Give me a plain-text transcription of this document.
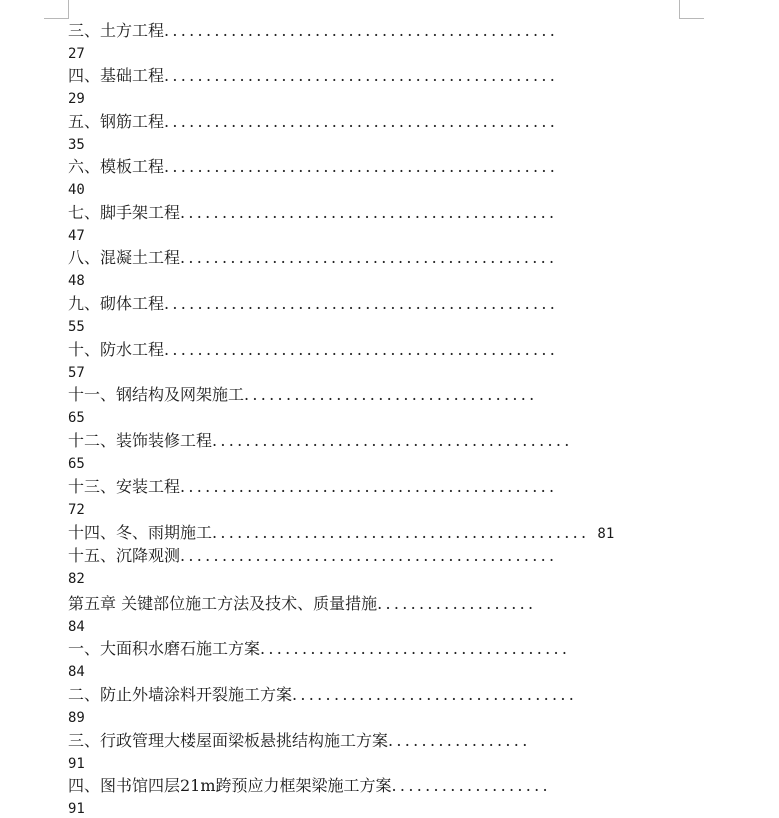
三、土方工程...............................................
27
四、基础工程...............................................
29
五、钢筋工程...............................................
35
六、模板工程...............................................
40
七、脚手架工程.............................................
47
八、混凝土工程.............................................
48
九、砌体工程...............................................
55
十、防水工程...............................................
57
十一、钢结构及网架施工...................................
65
十二、装饰装修工程...........................................
65
十三、安装工程.............................................
72
十四、冬、雨期施工............................................. 81
十五、沉降观测.............................................
82
第五章 关键部位施工方法及技术、质量措施...................
84
一、大面积水磨石施工方案.....................................
84
二、防止外墙涂料开裂施工方案..................................
89
三、行政管理大楼屋面梁板悬挑结构施工方案.................
91
四、图书馆四层21m跨预应力框架梁施工方案...................
91
